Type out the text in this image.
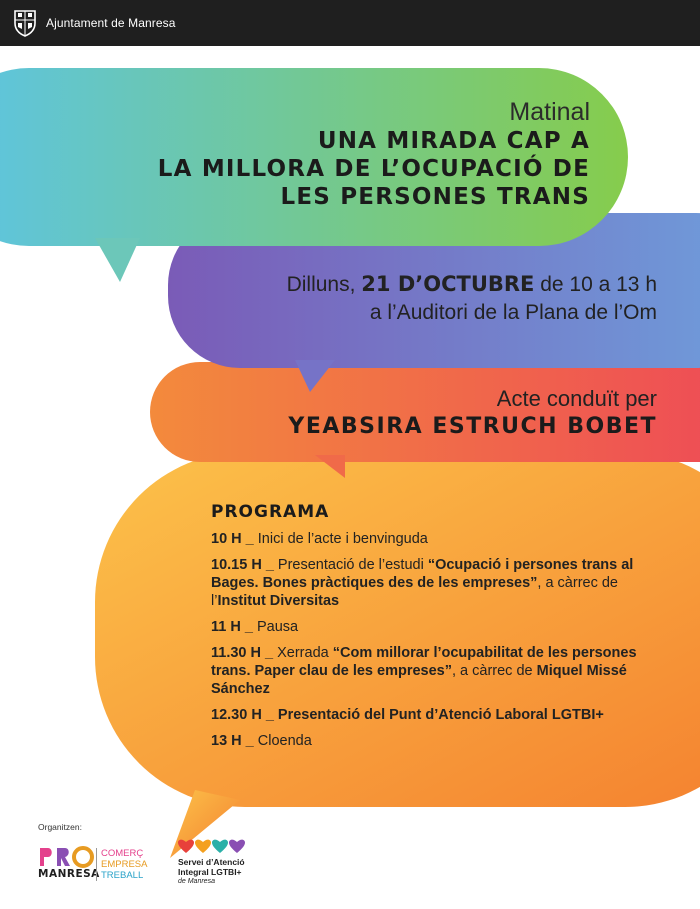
Ajuntament de Manresa
Matinal
UNA MIRADA CAP A
LA MILLORA DE L’OCUPACIÓ DE
LES PERSONES TRANS
Dilluns, 21 D’OCTUBRE de 10 a 13 h
a l’Auditori de la Plana de l’Om
Acte conduït per
YEABSIRA ESTRUCH BOBET
PROGRAMA
10 H _ Inici de l’acte i benvinguda
10.15 H _ Presentació de l’estudi “Ocupació i persones trans al Bages. Bones pràctiques des de les empreses”, a càrrec de l’Institut Diversitas
11 H _ Pausa
11.30 H _ Xerrada “Com millorar l’ocupabilitat de les persones trans. Paper clau de les empreses”, a càrrec de Miquel Missé Sánchez
12.30 H _ Presentació del Punt d’Atenció Laboral LGTBI+
13 H _ Cloenda
Organitzen:
MANRESA
COMERÇ
EMPRESA
TREBALL
Servei d’Atenció
Integral LGTBI+
de Manresa
